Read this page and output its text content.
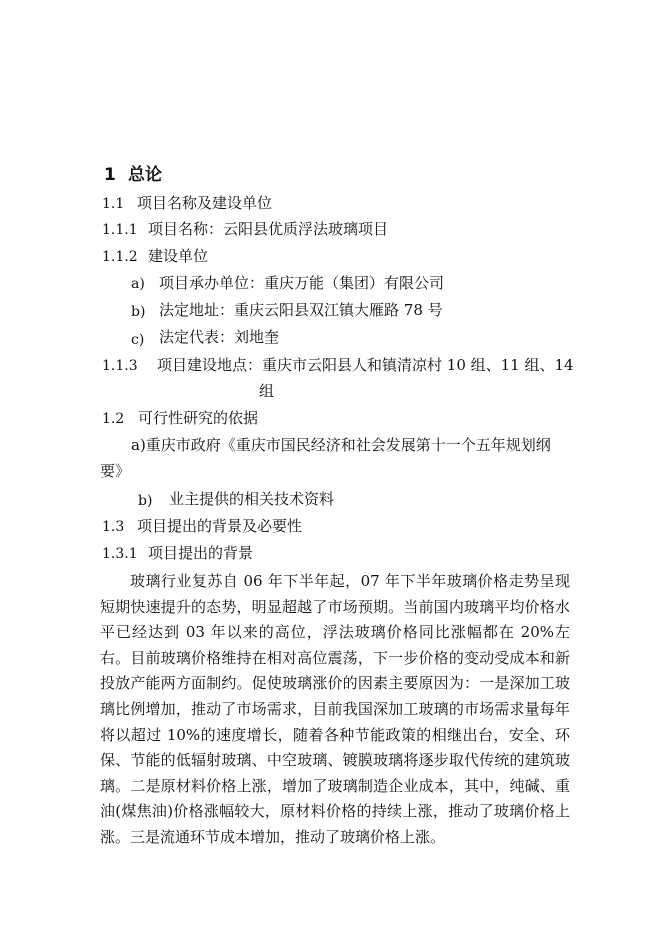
1 总论
1.1 项目名称及建设单位
1.1.1 项目名称：云阳县优质浮法玻璃项目
1.1.2 建设单位
a) 项目承办单位：重庆万能（集团）有限公司
b) 法定地址：重庆云阳县双江镇大雁路 78 号
c) 法定代表：刘地奎
1.1.3 项目建设地点：重庆市云阳县人和镇清凉村 10 组、11 组、14
组
1.2 可行性研究的依据
a)重庆市政府《重庆市国民经济和社会发展第十一个五年规划纲
要》
b) 业主提供的相关技术资料
1.3 项目提出的背景及必要性
1.3.1 项目提出的背景
玻璃行业复苏自 06 年下半年起，07 年下半年玻璃价格走势呈现短期快速提升的态势，明显超越了市场预期。当前国内玻璃平均价格水平已经达到 03 年以来的高位，浮法玻璃价格同比涨幅都在 20%左右。目前玻璃价格维持在相对高位震荡，下一步价格的变动受成本和新投放产能两方面制约。促使玻璃涨价的因素主要原因为：一是深加工玻璃比例增加，推动了市场需求，目前我国深加工玻璃的市场需求量每年将以超过 10%的速度增长，随着各种节能政策的相继出台，安全、环保、节能的低辐射玻璃、中空玻璃、镀膜玻璃将逐步取代传统的建筑玻璃。二是原材料价格上涨，增加了玻璃制造企业成本，其中，纯碱、重油(煤焦油)价格涨幅较大，原材料价格的持续上涨，推动了玻璃价格上涨。三是流通环节成本增加，推动了玻璃价格上涨。
